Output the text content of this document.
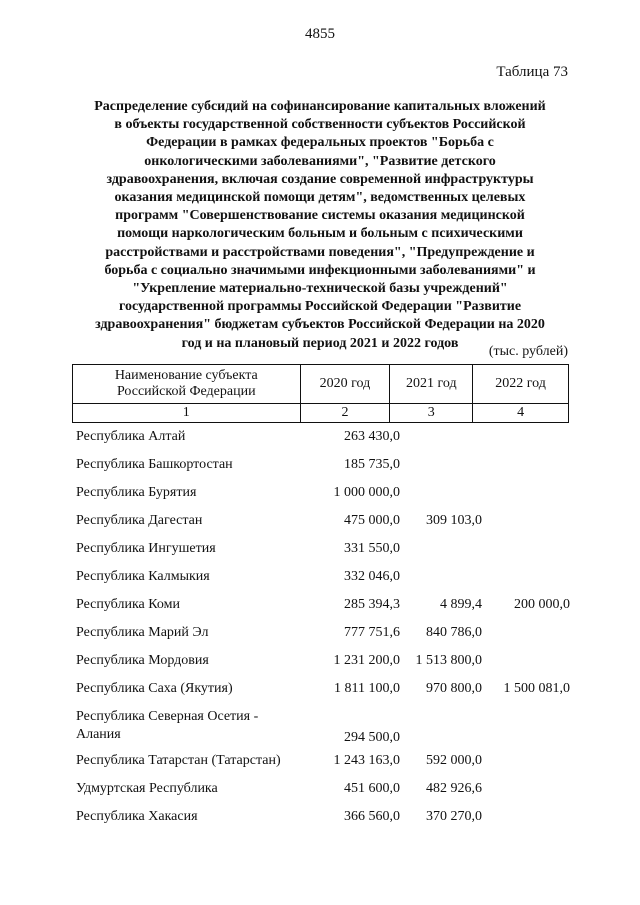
4855
Таблица 73
Распределение субсидий на софинансирование капитальных вложений
в объекты государственной собственности субъектов Российской
Федерации в рамках федеральных проектов "Борьба с
онкологическими заболеваниями", "Развитие детского
здравоохранения, включая создание современной инфраструктуры
оказания медицинской помощи детям", ведомственных целевых
программ "Совершенствование системы оказания медицинской
помощи наркологическим больным и больным с психическими
расстройствами и расстройствами поведения", "Предупреждение и
борьба с социально значимыми инфекционными заболеваниями" и
"Укрепление материально-технической базы учреждений"
государственной программы Российской Федерации "Развитие
здравоохранения" бюджетам субъектов Российской Федерации на 2020
год и на плановый период 2021 и 2022 годов
(тыс. рублей)
Наименование субъекта
Российской Федерации	2020 год	2021 год	2022 год
1	2	3	4
Республика Алтай	263 430,0
Республика Башкортостан	185 735,0
Республика Бурятия	1 000 000,0
Республика Дагестан	475 000,0	309 103,0
Республика Ингушетия	331 550,0
Республика Калмыкия	332 046,0
Республика Коми	285 394,3	4 899,4	200 000,0
Республика Марий Эл	777 751,6	840 786,0
Республика Мордовия	1 231 200,0	1 513 800,0
Республика Саха (Якутия)	1 811 100,0	970 800,0	1 500 081,0
Республика Северная Осетия -
Алания	294 500,0
Республика Татарстан (Татарстан)	1 243 163,0	592 000,0
Удмуртская Республика	451 600,0	482 926,6
Республика Хакасия	366 560,0	370 270,0
